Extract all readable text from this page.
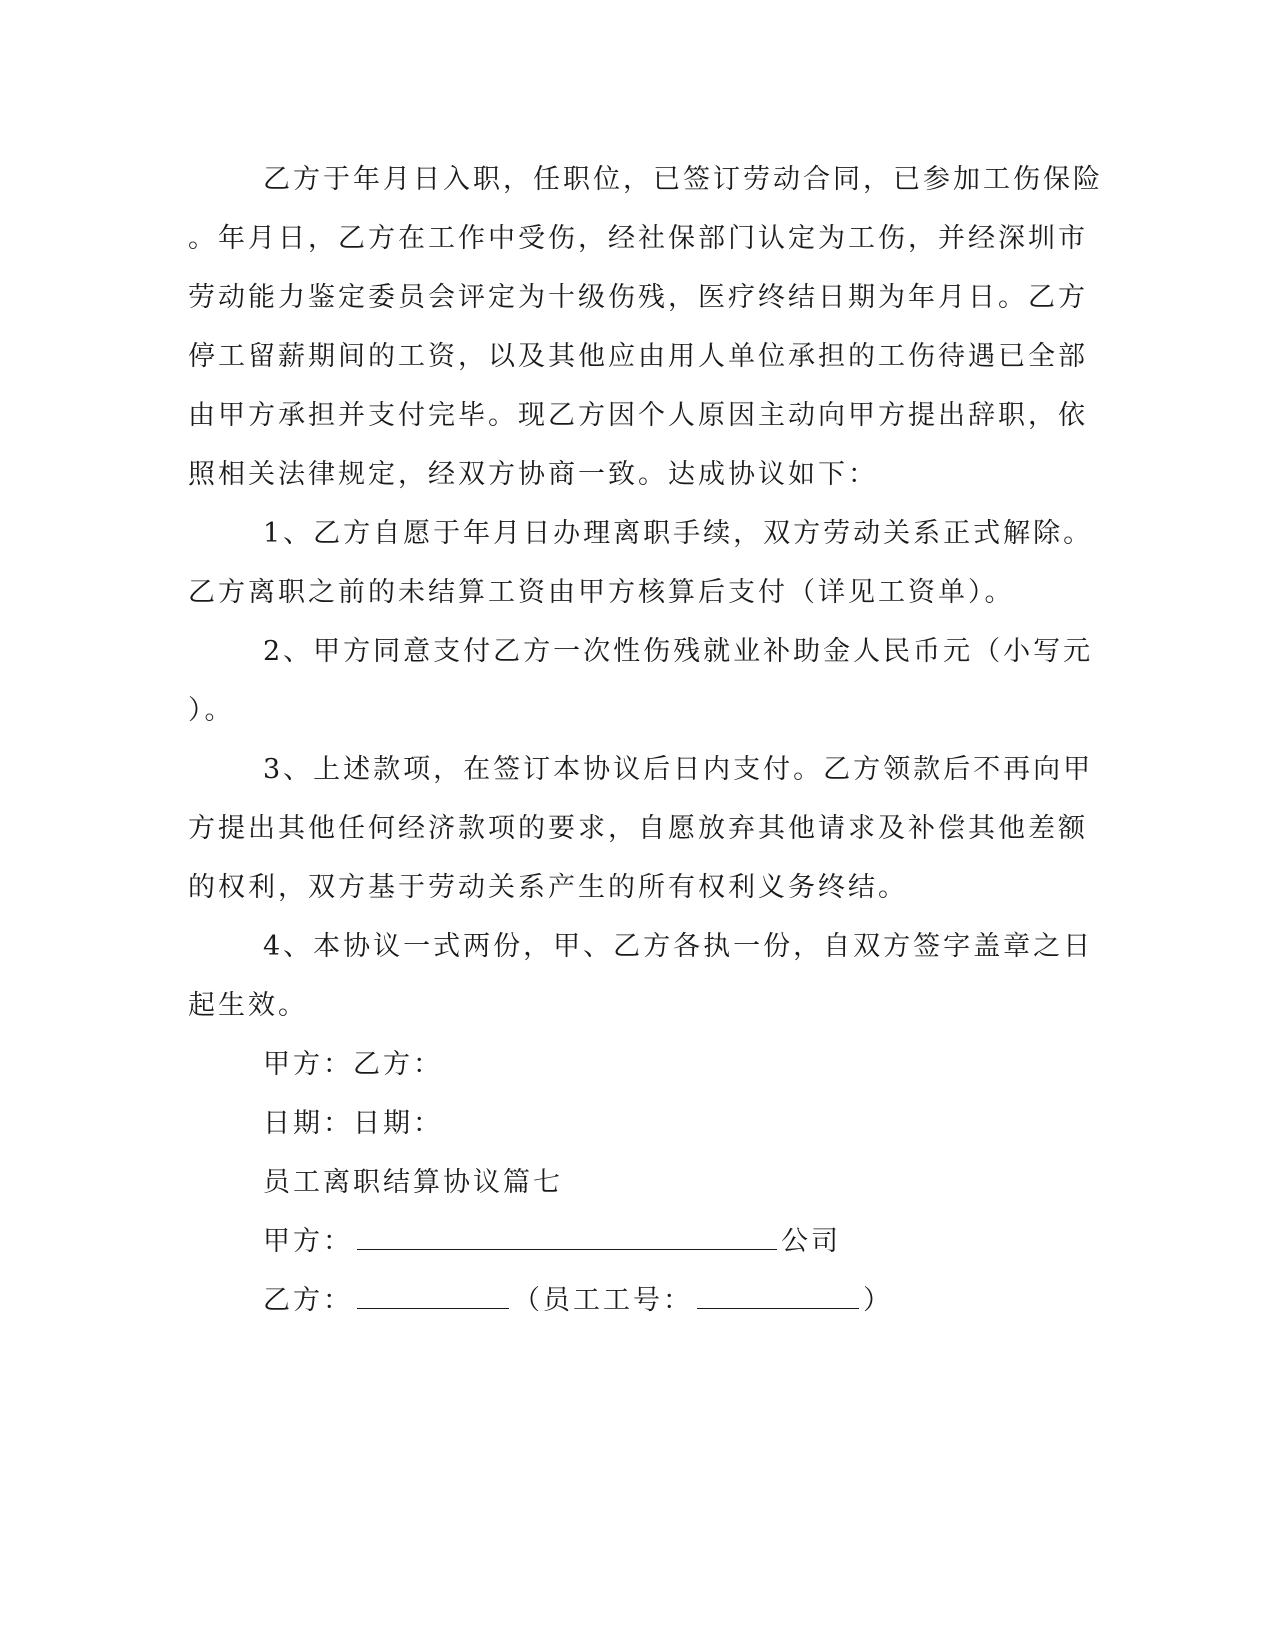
乙方于年月日入职，任职位，已签订劳动合同，已参加工伤保险

。年月日，乙方在工作中受伤，经社保部门认定为工伤，并经深圳市

劳动能力鉴定委员会评定为十级伤残，医疗终结日期为年月日。乙方

停工留薪期间的工资，以及其他应由用人单位承担的工伤待遇已全部

由甲方承担并支付完毕。现乙方因个人原因主动向甲方提出辞职，依

照相关法律规定，经双方协商一致。达成协议如下：

1、乙方自愿于年月日办理离职手续，双方劳动关系正式解除。

乙方离职之前的未结算工资由甲方核算后支付（详见工资单）。

2、甲方同意支付乙方一次性伤残就业补助金人民币元（小写元

）。

3、上述款项，在签订本协议后日内支付。乙方领款后不再向甲

方提出其他任何经济款项的要求，自愿放弃其他请求及补偿其他差额

的权利，双方基于劳动关系产生的所有权利义务终结。

4、本协议一式两份，甲、乙方各执一份，自双方签字盖章之日

起生效。

甲方：乙方：

日期：日期：

员工离职结算协议篇七

甲方：	公司

乙方：	（员工工号：	）
